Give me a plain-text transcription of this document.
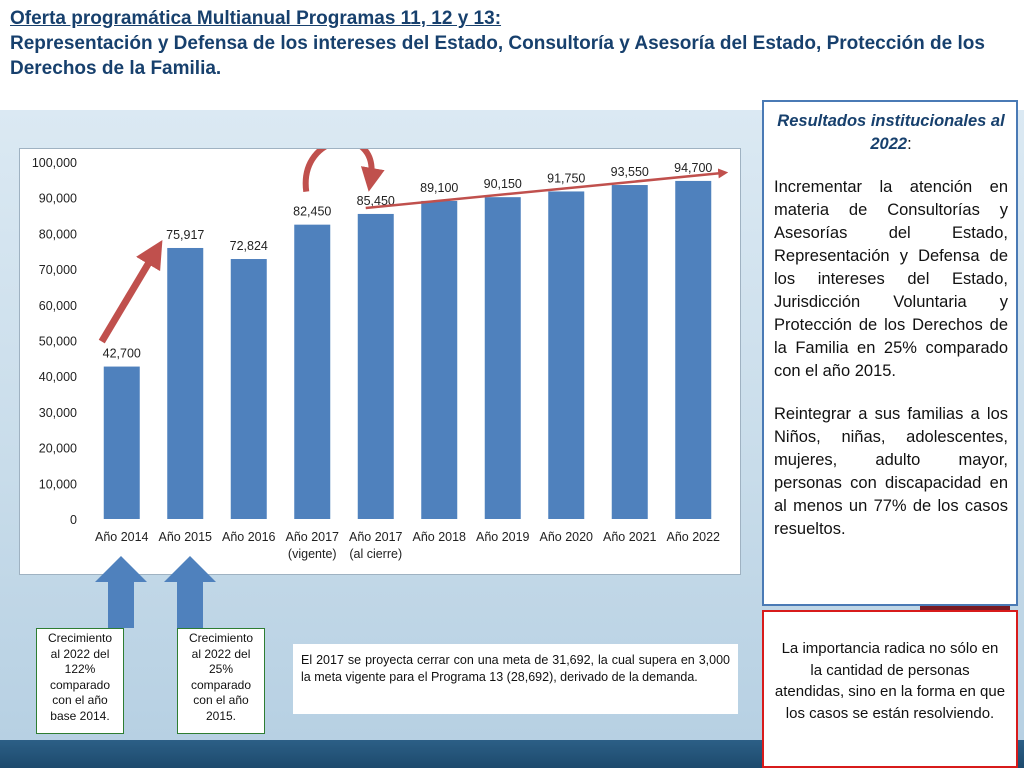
Oferta programática Multianual Programas 11, 12 y 13:
Representación y Defensa de los intereses del Estado, Consultoría y Asesoría del Estado, Protección de los Derechos de la Familia.
0
10,000
20,000
30,000
40,000
50,000
60,000
70,000
80,000
90,000
100,000
42,700
75,917
72,824
82,450
85,450
89,100 90,150 91,750 93,550 94,700
Año 2014 Año 2015 Año 2016 Año 2017
(vigente)
Año 2017
(al cierre)
Año 2018 Año 2019 Año 2020 Año 2021 Año 2022
Crecimiento
al 2022 del
122%
comparado
con el año
base 2014.
Crecimiento
al 2022 del
25%
comparado
con el año
2015.

El 2017 se proyecta cerrar con una meta de 31,692, la cual supera en 3,000 la meta vigente para el Programa 13 (28,692), derivado de la demanda.

Resultados institucionales al 2022:

Incrementar la atención en materia de Consultorías y Asesorías del Estado, Representación y Defensa de los intereses del Estado, Jurisdicción Voluntaria y Protección de los Derechos de la Familia en 25% comparado con el año 2015.

Reintegrar a sus familias a los Niños, niñas, adolescentes, mujeres, adulto mayor, personas con discapacidad en al menos un 77% de los casos resueltos.

La importancia radica no sólo en la cantidad de personas atendidas, sino en la forma en que los casos se están resolviendo.
